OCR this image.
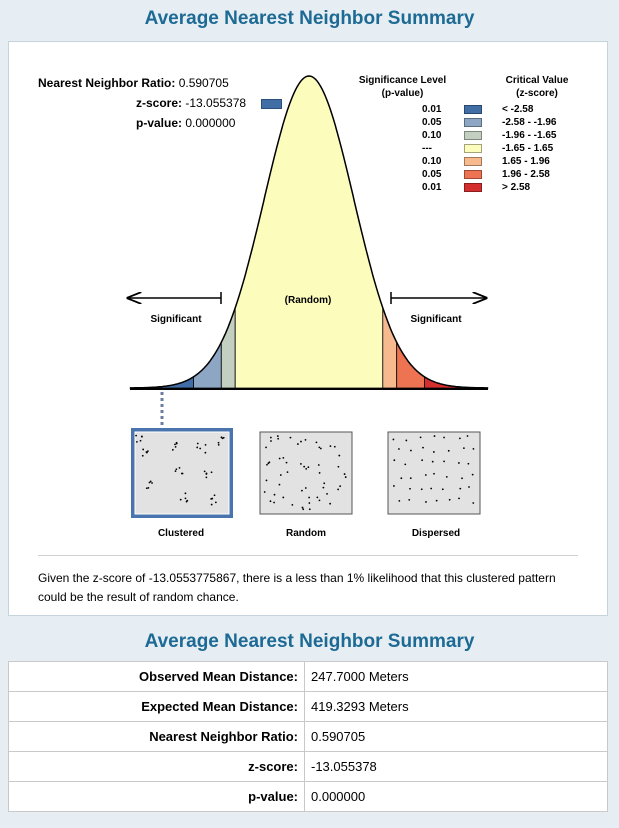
Average Nearest Neighbor Summary
Nearest Neighbor Ratio: 0.590705
z-score: -13.055378
p-value: 0.000000
Significance Level
(p-value)
Critical Value
(z-score)
0.01	< -2.58
0.05	-2.58 - -1.96
0.10	-1.96 - -1.65
---	-1.65 - 1.65
0.10	1.65 - 1.96
0.05	1.96 - 2.58
0.01	> 2.58
(Random)
Significant	Significant
Clustered	Random	Dispersed
Given the z-score of -13.0553775867, there is a less than 1% likelihood that this clustered pattern could be the result of random chance.
Average Nearest Neighbor Summary
Observed Mean Distance:	247.7000 Meters
Expected Mean Distance:	419.3293 Meters
Nearest Neighbor Ratio:	0.590705
z-score:	-13.055378
p-value:	0.000000
